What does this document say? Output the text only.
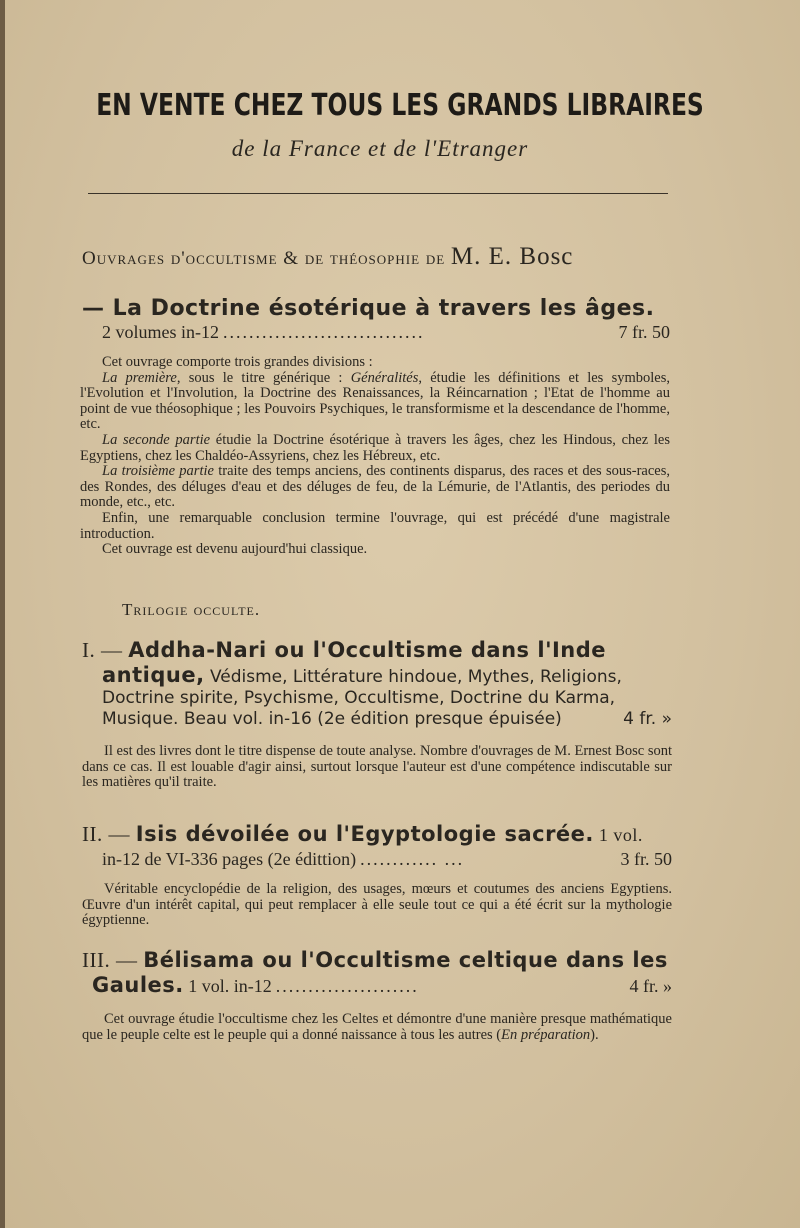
EN VENTE CHEZ TOUS LES GRANDS LIBRAIRES
de la France et de l'Etranger
Ouvrages d'occultisme & de théosophie de M. E. Bosc
— La Doctrine ésotérique à travers les âges.
2 volumes in-12 ...............................	7 fr. 50

Cet ouvrage comporte trois grandes divisions :

La première, sous le titre générique : Généralités, étudie les définitions et les symboles, l'Evolution et l'Involution, la Doctrine des Renaissances, la Réincarnation ; l'Etat de l'homme au point de vue théosophique ; les Pouvoirs Psychiques, le transformisme et la descendance de l'homme, etc.

La seconde partie étudie la Doctrine ésotérique à travers les âges, chez les Hindous, chez les Egyptiens, chez les Chaldéo-Assyriens, chez les Hébreux, etc.

La troisième partie traite des temps anciens, des continents disparus, des races et des sous-races, des Rondes, des déluges d'eau et des déluges de feu, de la Lémurie, de l'Atlantis, des periodes du monde, etc., etc.

Enfin, une remarquable conclusion termine l'ouvrage, qui est précédé d'une magistrale introduction.

Cet ouvrage est devenu aujourd'hui classique.

Trilogie occulte.
I. — Addha-Nari ou l'Occultisme dans l'Inde
antique, Védisme, Littérature hindoue, Mythes, Religions,
Doctrine spirite, Psychisme, Occultisme, Doctrine du Karma,
Musique. Beau vol. in-16 (2e édition presque épuisée)	4 fr. »

Il est des livres dont le titre dispense de toute analyse. Nombre d'ouvrages de M. Ernest Bosc sont dans ce cas. Il est louable d'agir ainsi, surtout lorsque l'auteur est d'une compétence indiscutable sur les matières qu'il traite.

II. — Isis dévoilée ou l'Egyptologie sacrée. 1 vol.
in-12 de VI-336 pages (2e édittion) ............ ...	3 fr. 50

Véritable encyclopédie de la religion, des usages, mœurs et coutumes des anciens Egyptiens. Œuvre d'un intérêt capital, qui peut remplacer à elle seule tout ce qui a été écrit sur la mythologie égyptienne.

III. — Bélisama ou l'Occultisme celtique dans les
Gaules. 1 vol. in-12 ......................	4 fr. »

Cet ouvrage étudie l'occultisme chez les Celtes et démontre d'une manière presque mathématique que le peuple celte est le peuple qui a donné naissance à tous les autres (En préparation).
